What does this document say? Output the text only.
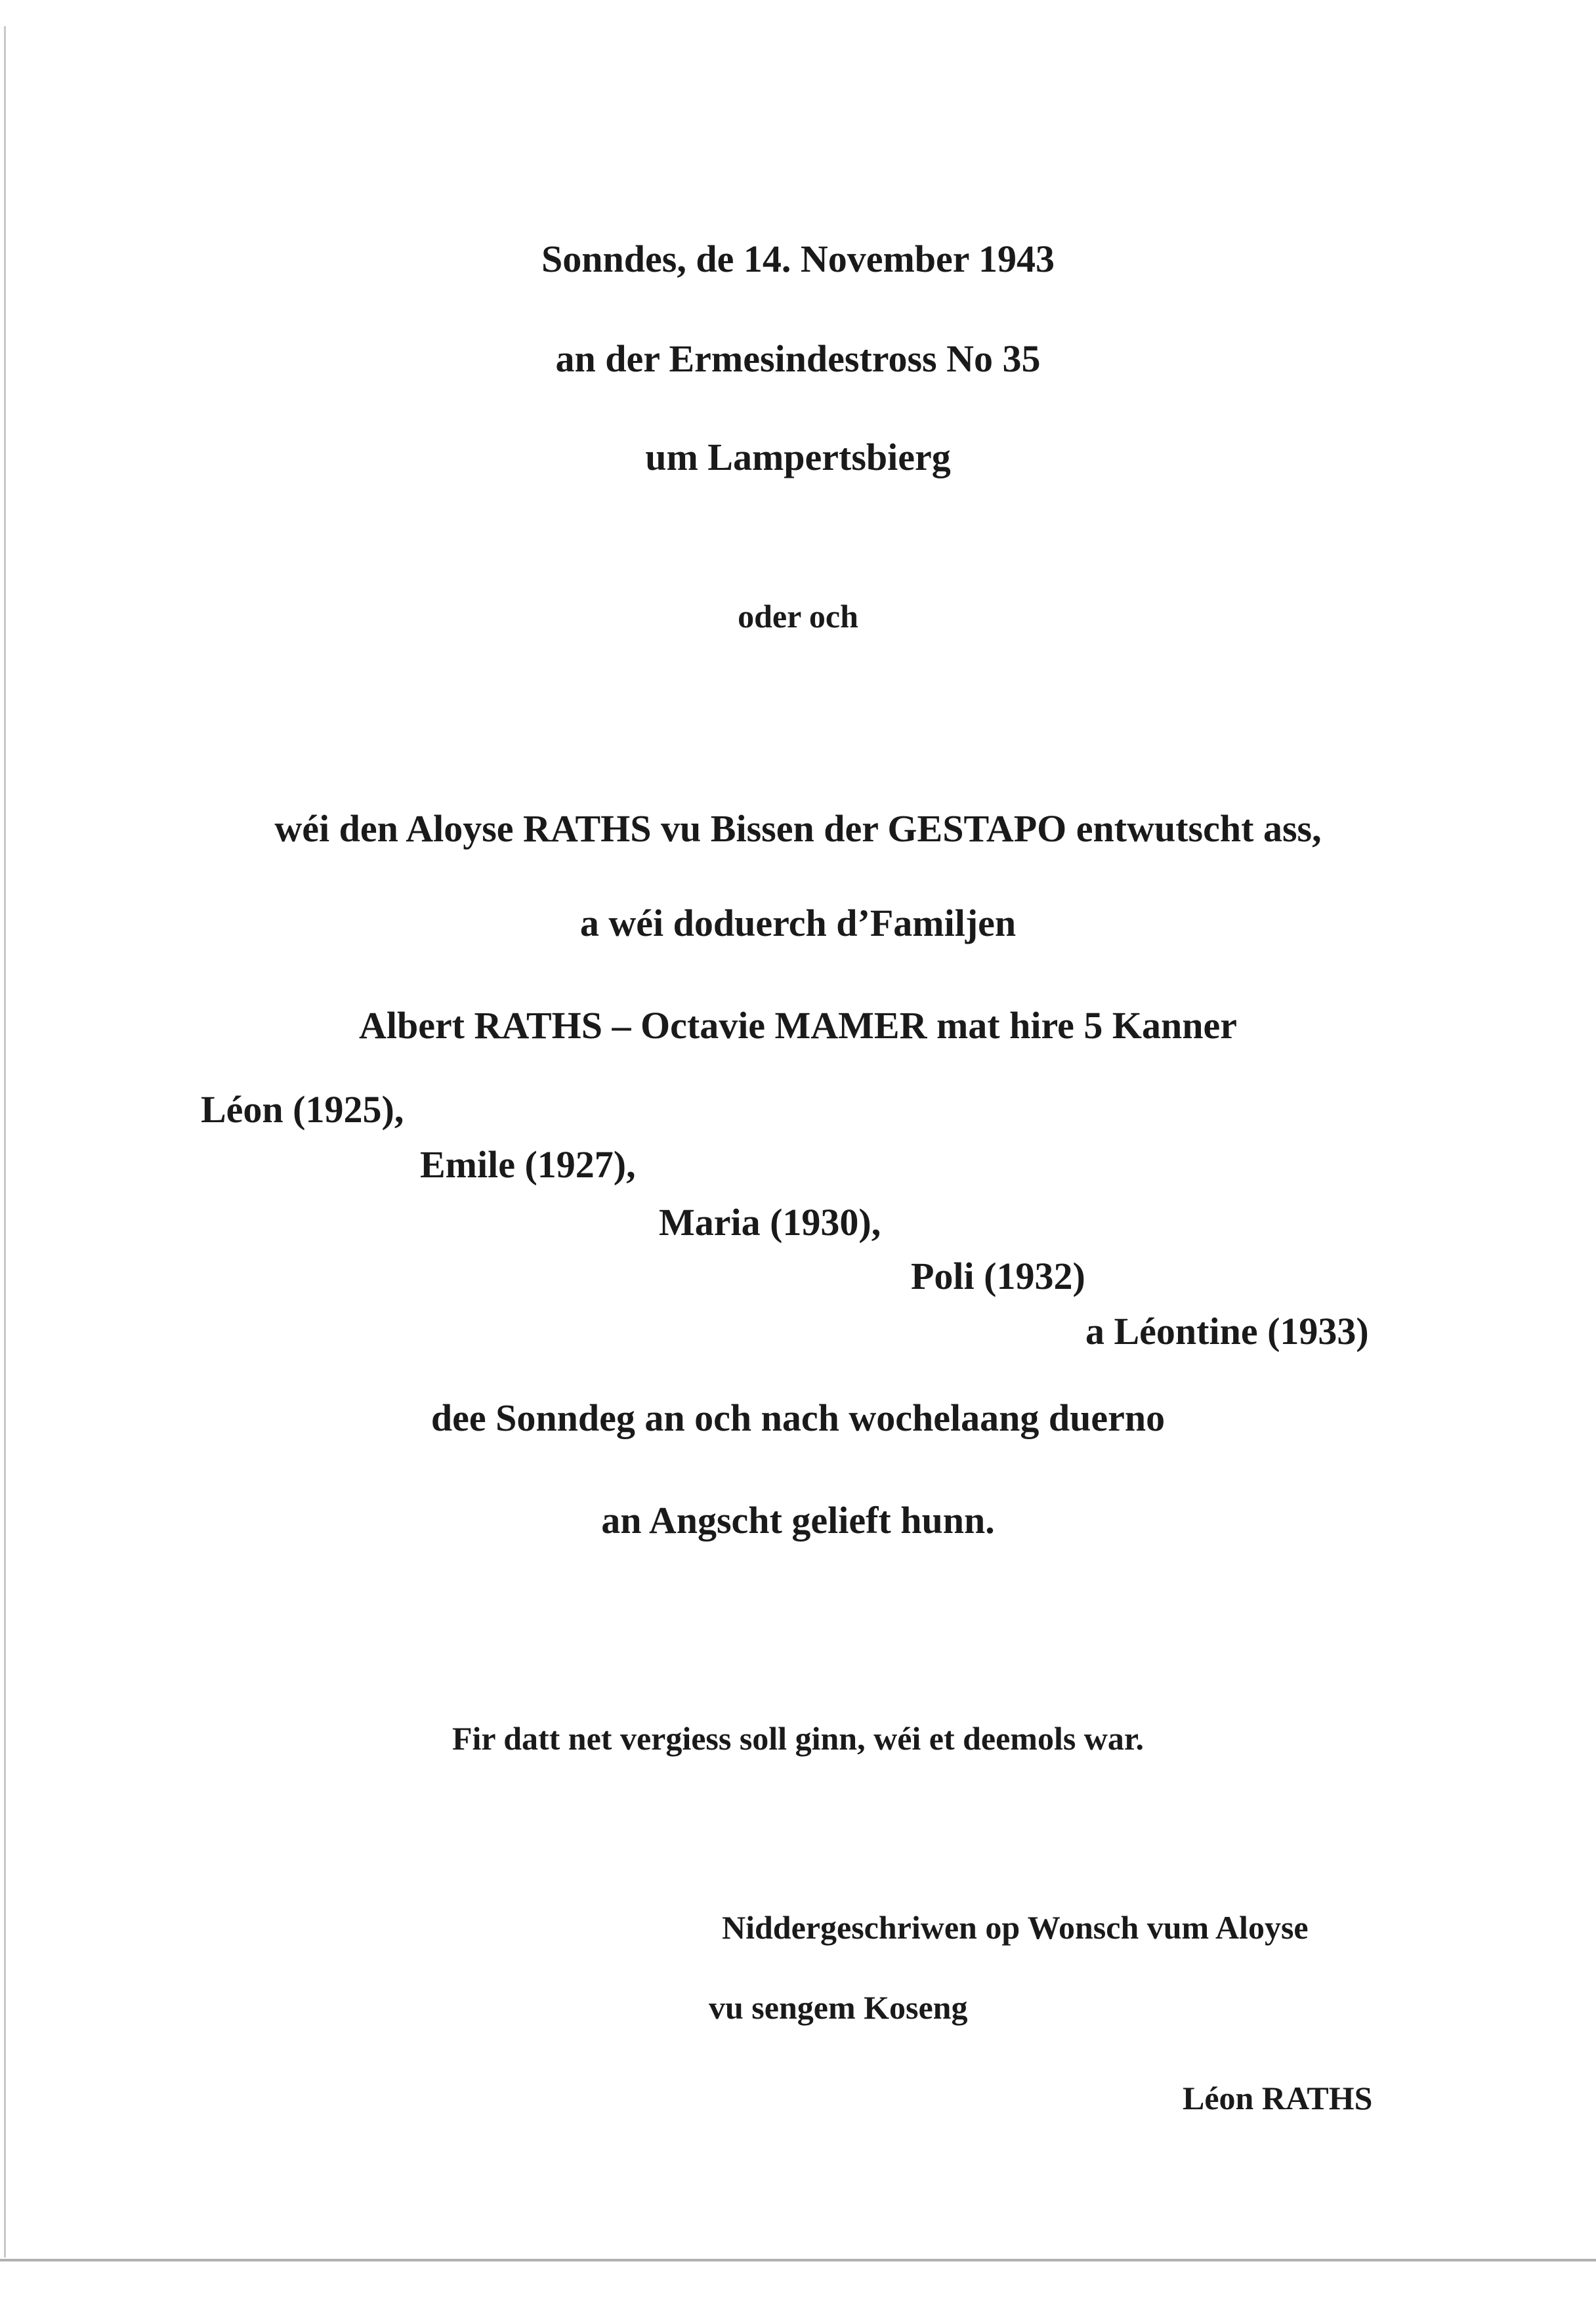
Sonndes, de 14. November 1943
an der Ermesindestross No 35
um Lampertsbierg
oder och
wéi den Aloyse RATHS vu Bissen der GESTAPO entwutscht ass,
a wéi doduerch d’Familjen
Albert RATHS – Octavie MAMER mat hire 5 Kanner
Léon (1925),
Emile (1927),
Maria (1930),
Poli (1932)
a Léontine (1933)
dee Sonndeg an och nach wochelaang duerno
an Angscht gelieft hunn.
Fir datt net vergiess soll ginn, wéi et deemols war.
Niddergeschriwen op Wonsch vum Aloyse
vu sengem Koseng
Léon RATHS
